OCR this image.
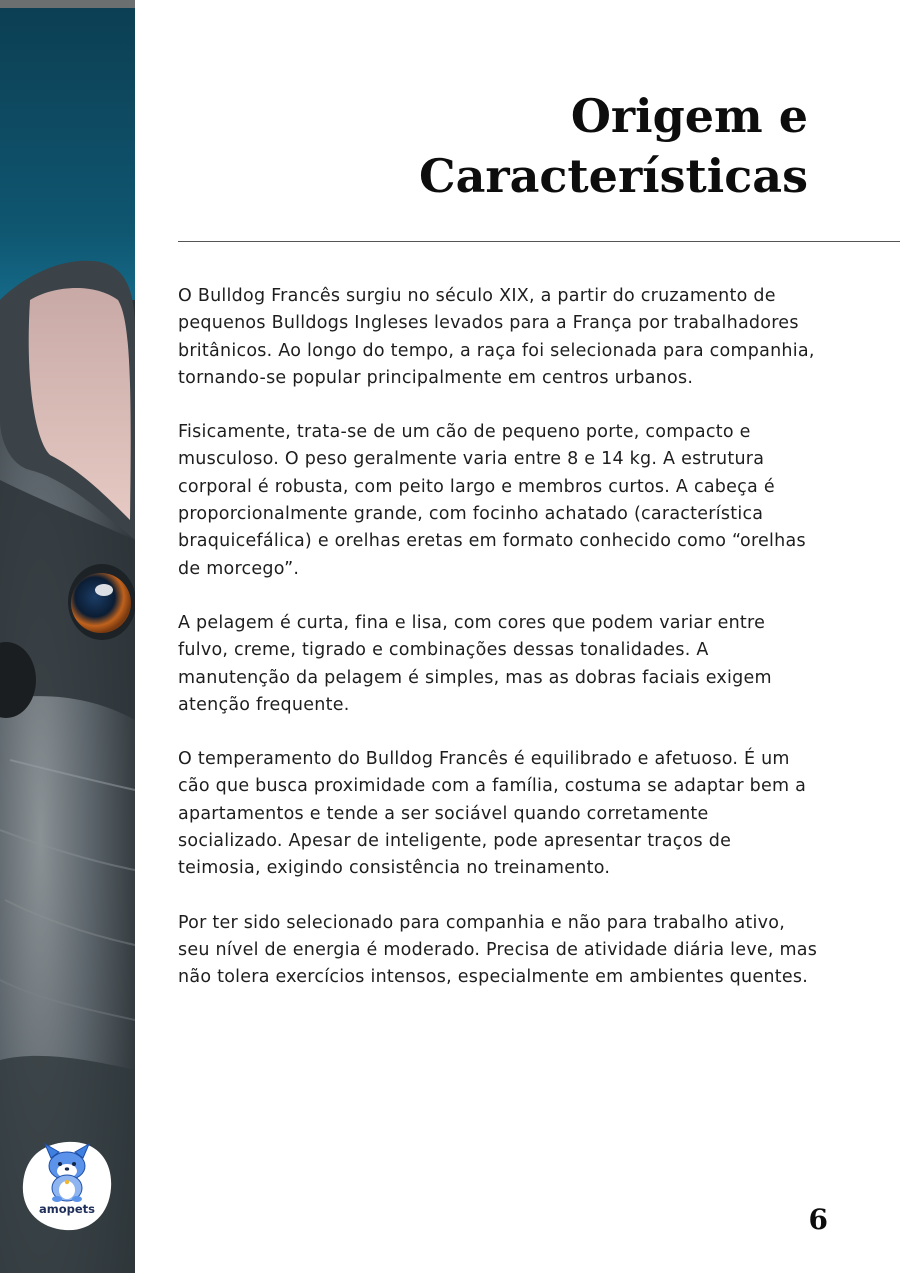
Origem e
Características

O Bulldog Francês surgiu no século XIX, a partir do cruzamento de pequenos Bulldogs Ingleses levados para a França por trabalhadores britânicos. Ao longo do tempo, a raça foi selecionada para companhia, tornando-se popular principalmente em centros urbanos.

Fisicamente, trata-se de um cão de pequeno porte, compacto e musculoso. O peso geralmente varia entre 8 e 14 kg. A estrutura corporal é robusta, com peito largo e membros curtos. A cabeça é proporcionalmente grande, com focinho achatado (característica braquicefálica) e orelhas eretas em formato conhecido como “orelhas de morcego”.

A pelagem é curta, fina e lisa, com cores que podem variar entre fulvo, creme, tigrado e combinações dessas tonalidades. A manutenção da pelagem é simples, mas as dobras faciais exigem atenção frequente.

O temperamento do Bulldog Francês é equilibrado e afetuoso. É um cão que busca proximidade com a família, costuma se adaptar bem a apartamentos e tende a ser sociável quando corretamente socializado. Apesar de inteligente, pode apresentar traços de teimosia, exigindo consistência no treinamento.

Por ter sido selecionado para companhia e não para trabalho ativo, seu nível de energia é moderado. Precisa de atividade diária leve, mas não tolera exercícios intensos, especialmente em ambientes quentes.

amopets	6
